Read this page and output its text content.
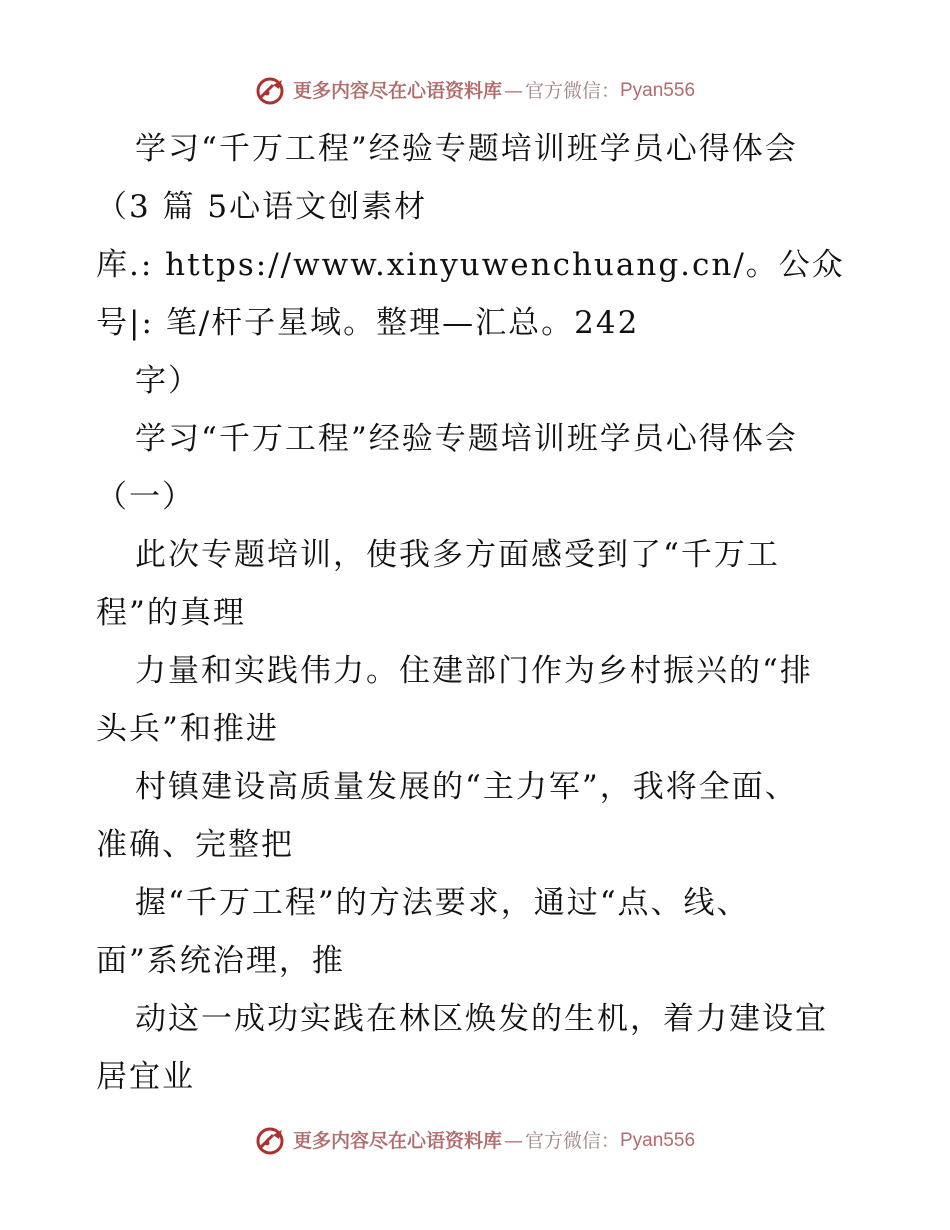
更多内容尽在心语资料库 — 官方微信： Pyan556
学习“千万工程”经验专题培训班学员心得体会
（3 篇 5心语文创素材
库.: https://www.xinyuwenchuang.cn/。公众
号|: 笔/杆子星域。整理—汇总。242
字）
学习“千万工程”经验专题培训班学员心得体会
（一）
此次专题培训，使我多方面感受到了“千万工
程”的真理
力量和实践伟力。住建部门作为乡村振兴的“排
头兵”和推进
村镇建设高质量发展的“主力军”，我将全面、
准确、完整把
握“千万工程”的方法要求，通过“点、线、
面”系统治理，推
动这一成功实践在林区焕发的生机，着力建设宜
居宜业
更多内容尽在心语资料库 — 官方微信： Pyan556
